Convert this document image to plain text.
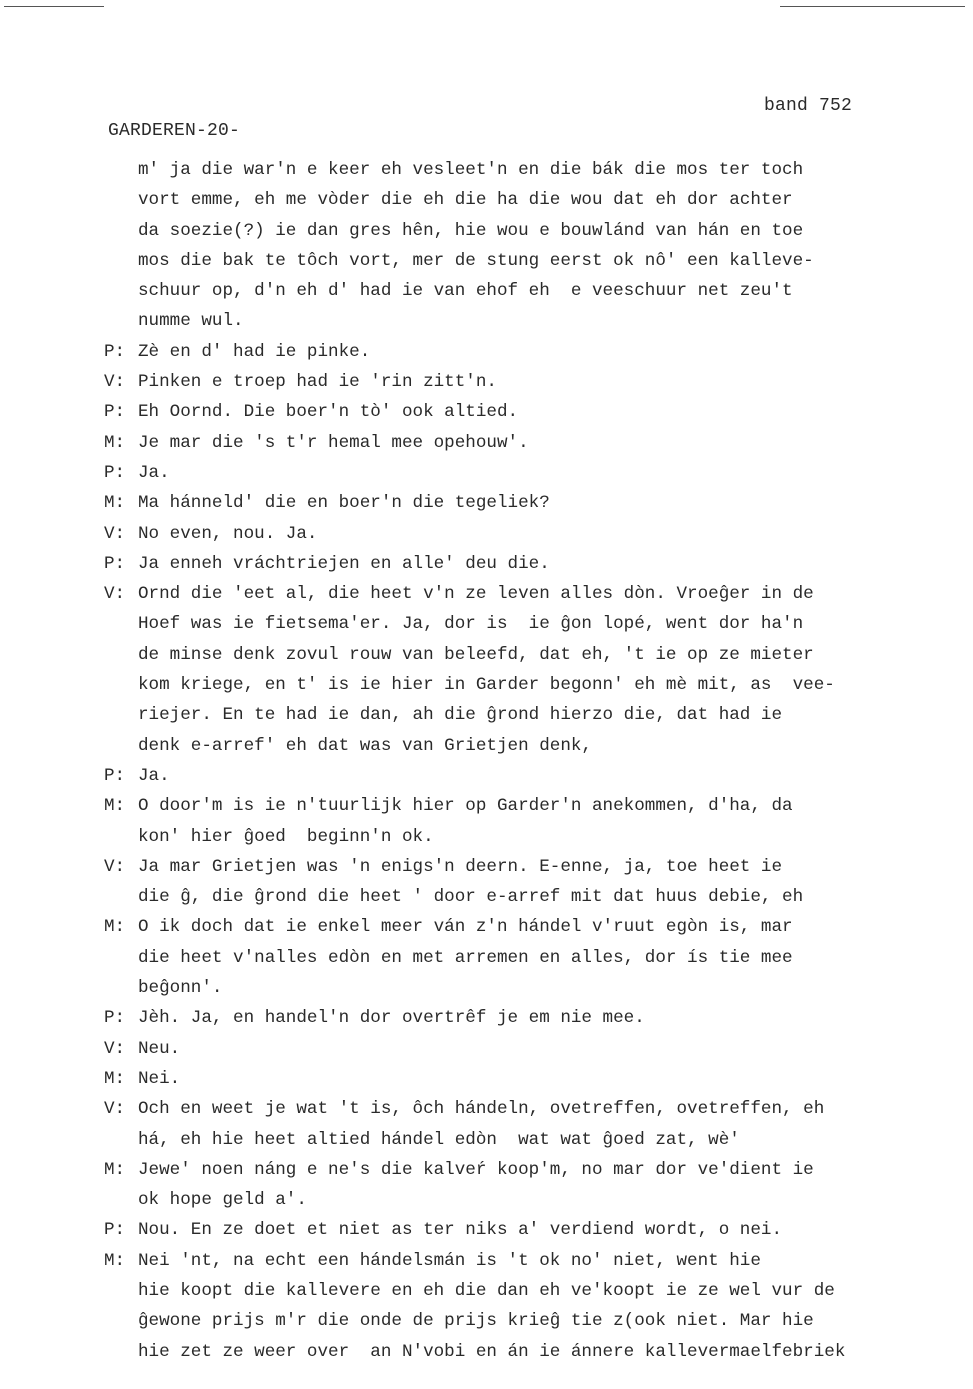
band 752
GARDEREN-20-
m' ja die war'n e keer eh vesleet'n en die bák die mos ter toch
vort emme, eh me vòder die eh die ha die wou dat eh dor achter
da soezie(?) ie dan gres hên, hie wou e bouwlánd van hán en toe
mos die bak te tôch vort, mer de stung eerst ok nô' een kalleve-
schuur op, d'n eh d' had ie van ehof eh  e veeschuur net zeu't
numme wul.
P: Zè en d' had ie pinke.
V: Pinken e troep had ie 'rin zitt'n.
P: Eh Oornd. Die boer'n tò' ook altied.
M: Je mar die 's t'r hemal mee opehouw'.
P: Ja.
M: Ma hánneld' die en boer'n die tegeliek?
V: No even, nou. Ja.
P: Ja enneh vráchtriejen en alle' deu die.
V: Ornd die 'eet al, die heet v'n ze leven alles dòn. Vroeĝer in de
Hoef was ie fietsema'er. Ja, dor is  ie ĝon lopé, went dor ha'n
de minse denk zovul rouw van beleefd, dat eh, 't ie op ze mieter
kom kriege, en t' is ie hier in Garder begonn' eh mè mit, as  vee-
riejer. En te had ie dan, ah die ĝrond hierzo die, dat had ie
denk e-arref' eh dat was van Grietjen denk,
P: Ja.
M: O door'm is ie n'tuurlijk hier op Garder'n anekommen, d'ha, da
kon' hier ĝoed  beginn'n ok.
V: Ja mar Grietjen was 'n enigs'n deern. E-enne, ja, toe heet ie
die ĝ, die ĝrond die heet ' door e-arref mit dat huus debie, eh
M: O ik doch dat ie enkel meer ván z'n hándel v'ruut egòn is, mar
die heet v'nalles edòn en met arremen en alles, dor ís tie mee
beĝonn'.
P: Jèh. Ja, en handel'n dor overtrêf je em nie mee.
V: Neu.
M: Nei.
V: Och en weet je wat 't is, ôch hándeln, ovetreffen, ovetreffen, eh
há, eh hie heet altied hándel edòn  wat wat ĝoed zat, wè'
M: Jewe' noen náng e ne's die kalveŕ koop'm, no mar dor ve'dient ie
ok hope geld a'.
P: Nou. En ze doet et niet as ter niks a' verdiend wordt, o nei.
M: Nei 'nt, na echt een hándelsmán is 't ok no' niet, went hie
hie koopt die kallevere en eh die dan eh ve'koopt ie ze wel vur de
ĝewone prijs m'r die onde de prijs krieĝ tie z(ook niet. Mar hie
hie zet ze weer over  an N'vobi en án ie ánnere kallevermaelfebriek
